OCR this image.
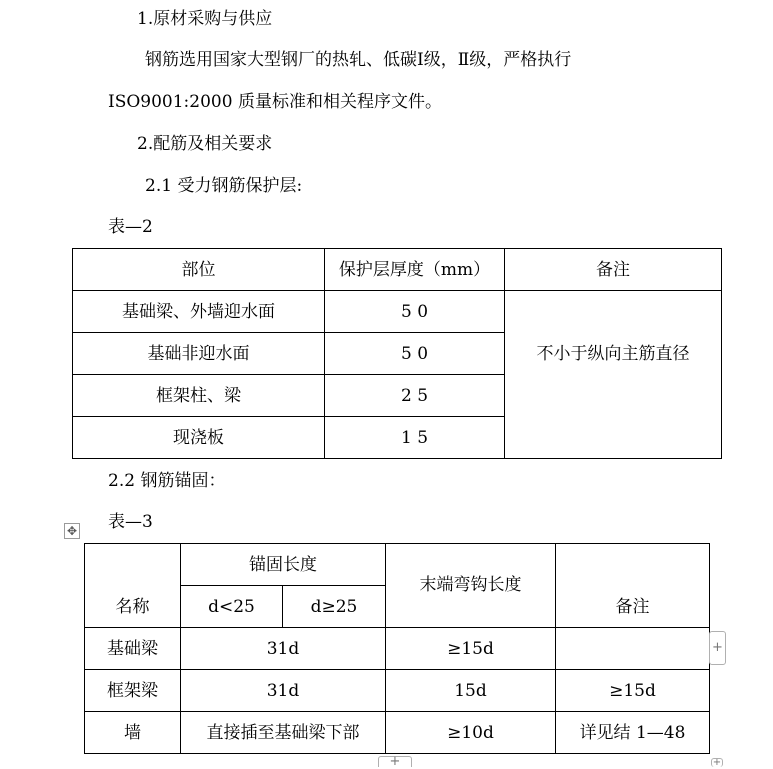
1.原材采购与供应
钢筋选用国家大型钢厂的热轧、低碳Ⅰ级，Ⅱ级，严格执行
ISO9001:2000 质量标准和相关程序文件。
2.配筋及相关要求
2.1 受力钢筋保护层:
表—2
部位	保护层厚度（mm）	备注
基础梁、外墙迎水面	5 0	不小于纵向主筋直径
基础非迎水面	5 0	
框架柱、梁	2 5	
现浇板	1 5	
2.2 钢筋锚固：
表—3
✥
名称	锚固长度		末端弯钩长度	备注
	d<25	d≥25		
基础梁	31d		≥15d	
框架梁	31d		15d	≥15d
墙	直接插至基础梁下部		≥10d	详见结 1—48
+
+	+
